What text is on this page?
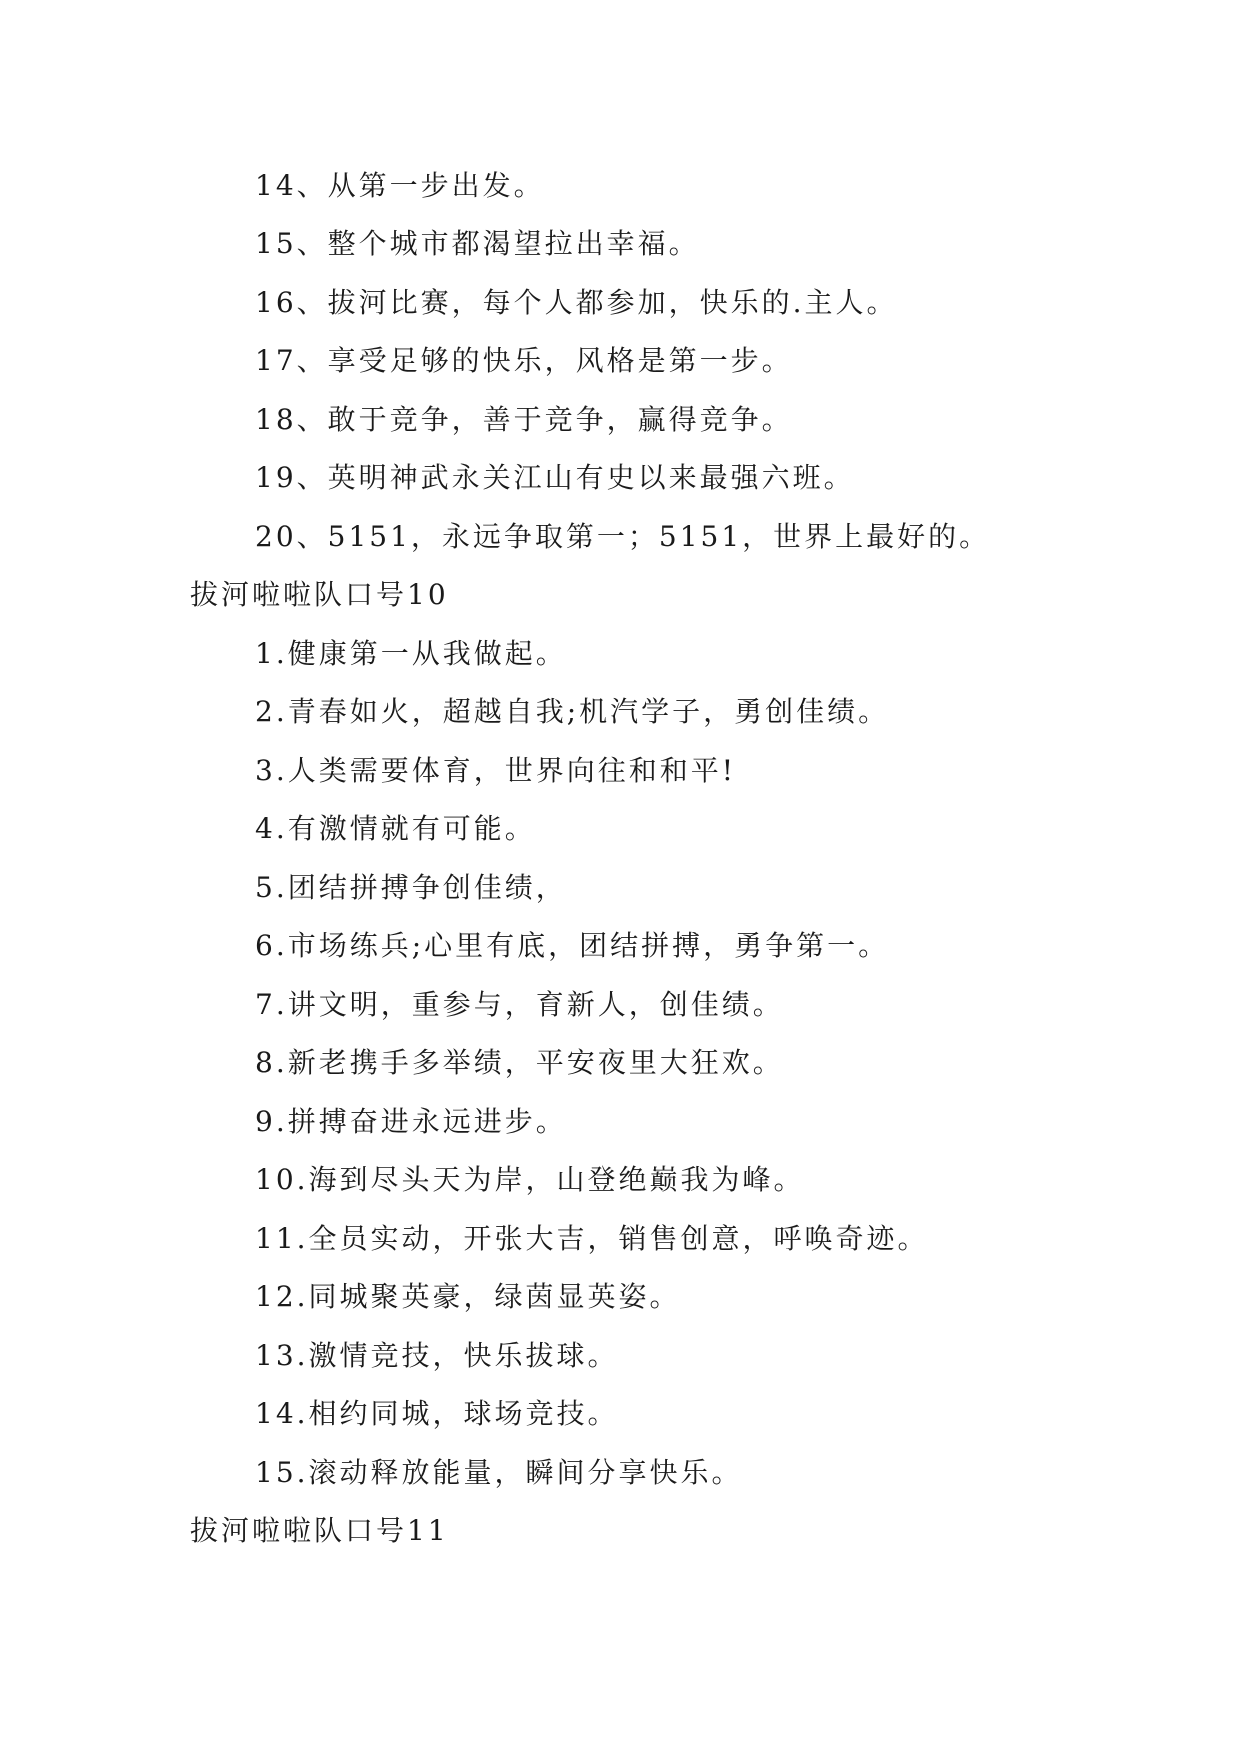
14、从第一步出发。
15、整个城市都渴望拉出幸福。
16、拔河比赛，每个人都参加，快乐的.主人。
17、享受足够的快乐，风格是第一步。
18、敢于竞争，善于竞争，赢得竞争。
19、英明神武永关江山有史以来最强六班。
20、5151，永远争取第一；5151，世界上最好的。
拔河啦啦队口号10
1.健康第一从我做起。
2.青春如火，超越自我;机汽学子，勇创佳绩。
3.人类需要体育，世界向往和和平!
4.有激情就有可能。
5.团结拼搏争创佳绩，
6.市场练兵;心里有底，团结拼搏，勇争第一。
7.讲文明，重参与，育新人，创佳绩。
8.新老携手多举绩，平安夜里大狂欢。
9.拼搏奋进永远进步。
10.海到尽头天为岸，山登绝巅我为峰。
11.全员实动，开张大吉，销售创意，呼唤奇迹。
12.同城聚英豪，绿茵显英姿。
13.激情竞技，快乐拔球。
14.相约同城，球场竞技。
15.滚动释放能量，瞬间分享快乐。
拔河啦啦队口号11
